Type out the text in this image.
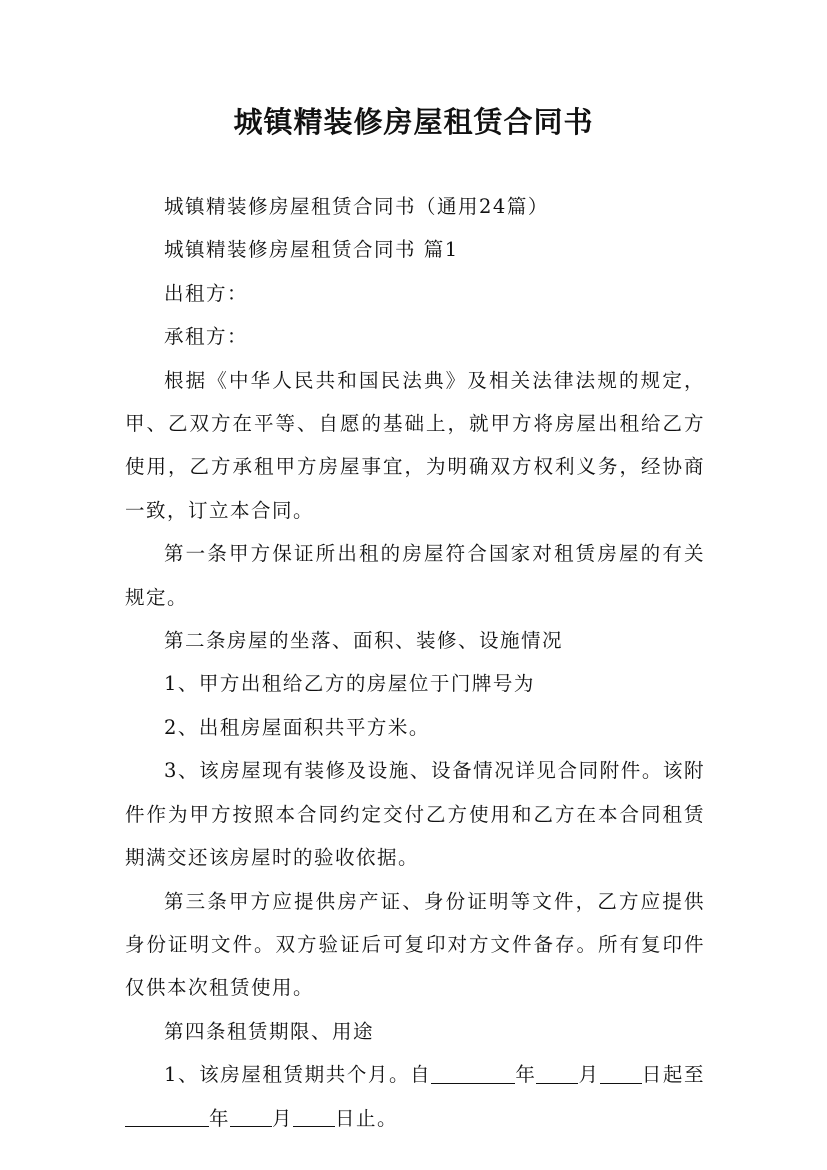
城镇精装修房屋租赁合同书

城镇精装修房屋租赁合同书（通用24篇）

城镇精装修房屋租赁合同书 篇1

出租方：

承租方：

根据《中华人民共和国民法典》及相关法律法规的规定，甲、乙双方在平等、自愿的基础上，就甲方将房屋出租给乙方使用，乙方承租甲方房屋事宜，为明确双方权利义务，经协商一致，订立本合同。

第一条甲方保证所出租的房屋符合国家对租赁房屋的有关规定。

第二条房屋的坐落、面积、装修、设施情况

1、甲方出租给乙方的房屋位于门牌号为

2、出租房屋面积共平方米。

3、该房屋现有装修及设施、设备情况详见合同附件。该附件作为甲方按照本合同约定交付乙方使用和乙方在本合同租赁期满交还该房屋时的验收依据。

第三条甲方应提供房产证、身份证明等文件，乙方应提供身份证明文件。双方验证后可复印对方文件备存。所有复印件仅供本次租赁使用。

第四条租赁期限、用途

1、该房屋租赁期共个月。自	年 月 日起至年 月 日止。
